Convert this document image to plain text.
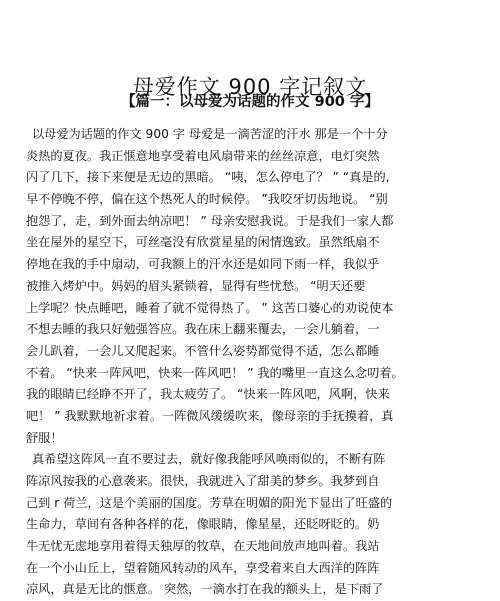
母爱作文 900 字记叙文
【篇一：以母爱为话题的作文 900 字】
以母爱为话题的作文 900 字 母爱是一滴苦涩的汗水 那是一个十分
炎热的夏夜。我正惬意地享受着电风扇带来的丝丝凉意，电灯突然
闪了几下，接下来便是无边的黑暗。 “咦，怎么停电了？ ” “真是的,
早不停晚不停，偏在这个热死人的时候停。 ”我咬牙切齿地说。 “别
抱怨了，走，到外面去纳凉吧！ ” 母亲安慰我说。于是我们一家人都
坐在屋外的星空下，可丝毫没有欣赏星星的闲情逸致。虽然纸扇不
停地在我的手中扇动，可我额上的汗水还是如同下雨一样，我似乎
被推入烤炉中。妈妈的眉头紧锁着，显得有些忧愁。 “明天还要
上学呢？快点睡吧，睡着了就不觉得热了。 ” 这苦口婆心的劝说使本
不想去睡的我只好勉强答应。我在床上翻来覆去，一会儿躺着，一
会儿趴着，一会儿又爬起来。不管什么姿势都觉得不适，怎么都睡
不着。 “快来一阵风吧，快来一阵风吧！ ” 我的嘴里一直这么念叨着。
我的眼睛已经睁不开了，我太疲劳了。 “快来一阵风吧，风啊，快来
吧！ ” 我默默地祈求着。一阵微风缓缓吹来，像母亲的手抚摸着，真
舒服！
真希望这阵风一直不要过去，就好像我能呼风唤雨似的，不断有阵
阵凉风按我的心意袭来。很快，我就进入了甜美的梦乡。我梦到自
己到 r 荷兰，这是个美丽的国度。芳草在明媚的阳光下显出了旺盛的
生命力，草间有各种各样的花，像眼睛，像星星，还眨呀眨的。奶
牛无忧无虑地享用着得天独厚的牧草，在天地间放声地叫着。我站
在一个小山丘上，望着随风转动的风车，享受着来自大西洋的阵阵
凉风，真是无比的惬意。 突然，一滴水打在我的额头上，是下雨了
